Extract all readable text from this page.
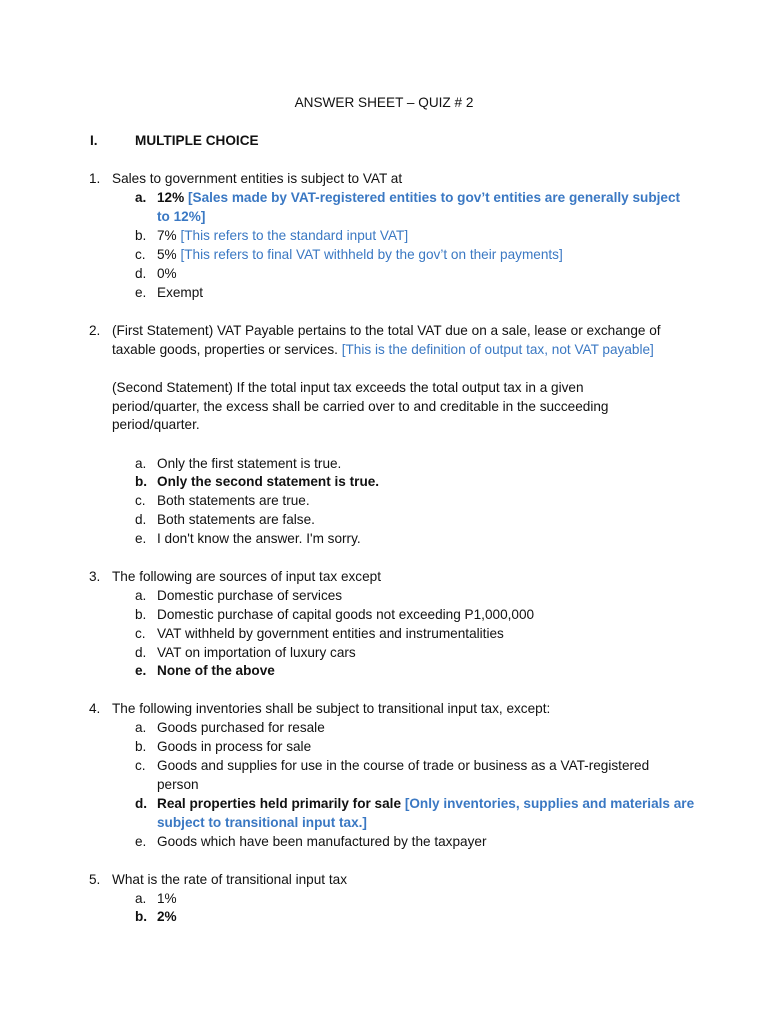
ANSWER SHEET – QUIZ # 2
I.	MULTIPLE CHOICE
1. Sales to government entities is subject to VAT at
a. 12% [Sales made by VAT-registered entities to gov’t entities are generally subject
to 12%]
b. 7% [This refers to the standard input VAT]
c. 5% [This refers to final VAT withheld by the gov’t on their payments]
d. 0%
e. Exempt
2. (First Statement) VAT Payable pertains to the total VAT due on a sale, lease or exchange of
taxable goods, properties or services. [This is the definition of output tax, not VAT payable]
(Second Statement) If the total input tax exceeds the total output tax in a given
period/quarter, the excess shall be carried over to and creditable in the succeeding
period/quarter.
a. Only the first statement is true.
b. Only the second statement is true.
c. Both statements are true.
d. Both statements are false.
e. I don't know the answer. I'm sorry.
3. The following are sources of input tax except
a. Domestic purchase of services
b. Domestic purchase of capital goods not exceeding P1,000,000
c. VAT withheld by government entities and instrumentalities
d. VAT on importation of luxury cars
e. None of the above
4. The following inventories shall be subject to transitional input tax, except:
a. Goods purchased for resale
b. Goods in process for sale
c. Goods and supplies for use in the course of trade or business as a VAT-registered
person
d. Real properties held primarily for sale [Only inventories, supplies and materials are
subject to transitional input tax.]
e. Goods which have been manufactured by the taxpayer
5. What is the rate of transitional input tax
a. 1%
b. 2%
